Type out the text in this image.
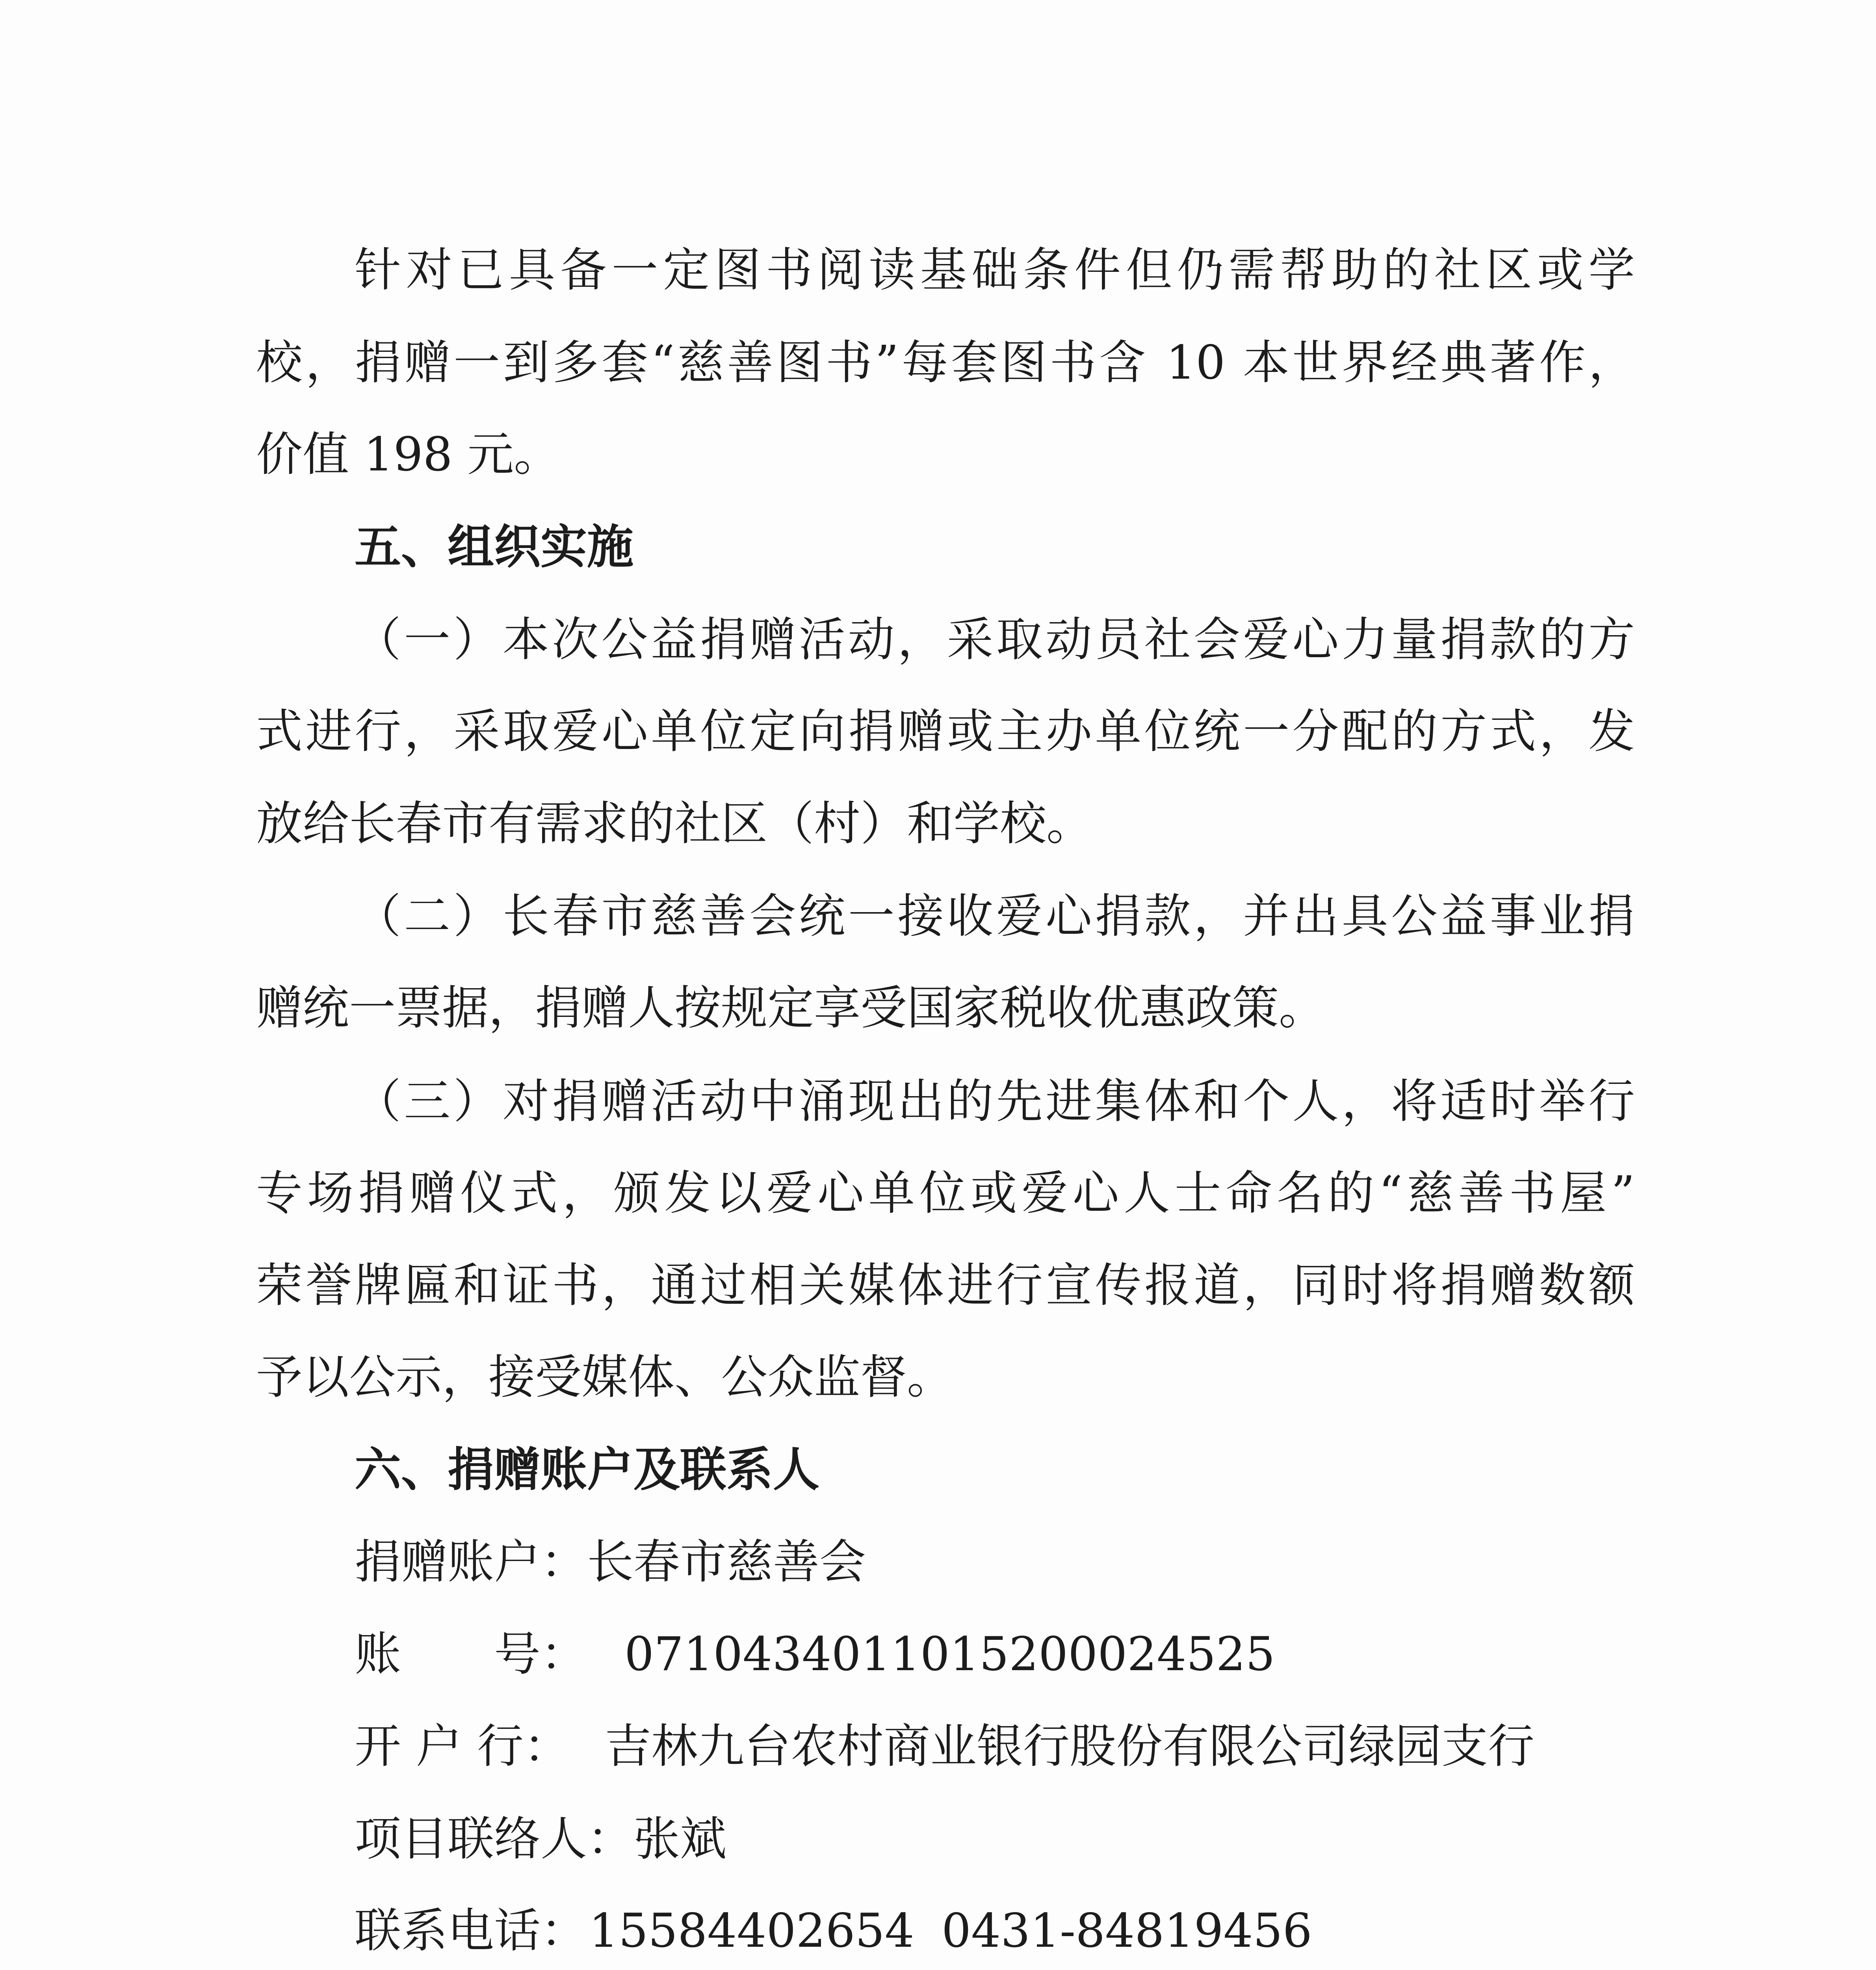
针对已具备一定图书阅读基础条件但仍需帮助的社区或学
校，捐赠一到多套“慈善图书”每套图书含 10 本世界经典著作，
价值 198 元。
五、组织实施
（一）本次公益捐赠活动，采取动员社会爱心力量捐款的方
式进行，采取爱心单位定向捐赠或主办单位统一分配的方式，发
放给长春市有需求的社区（村）和学校。
（二）长春市慈善会统一接收爱心捐款，并出具公益事业捐
赠统一票据，捐赠人按规定享受国家税收优惠政策。
（三）对捐赠活动中涌现出的先进集体和个人，将适时举行
专场捐赠仪式，颁发以爱心单位或爱心人士命名的“慈善书屋”
荣誉牌匾和证书，通过相关媒体进行宣传报道，同时将捐赠数额
予以公示，接受媒体、公众监督。
六、捐赠账户及联系人
捐赠账户：长春市慈善会
账　　号： 0710434011015200024525
开 户 行： 吉林九台农村商业银行股份有限公司绿园支行
项目联络人：张斌
联系电话： 15584402654 0431-84819456
